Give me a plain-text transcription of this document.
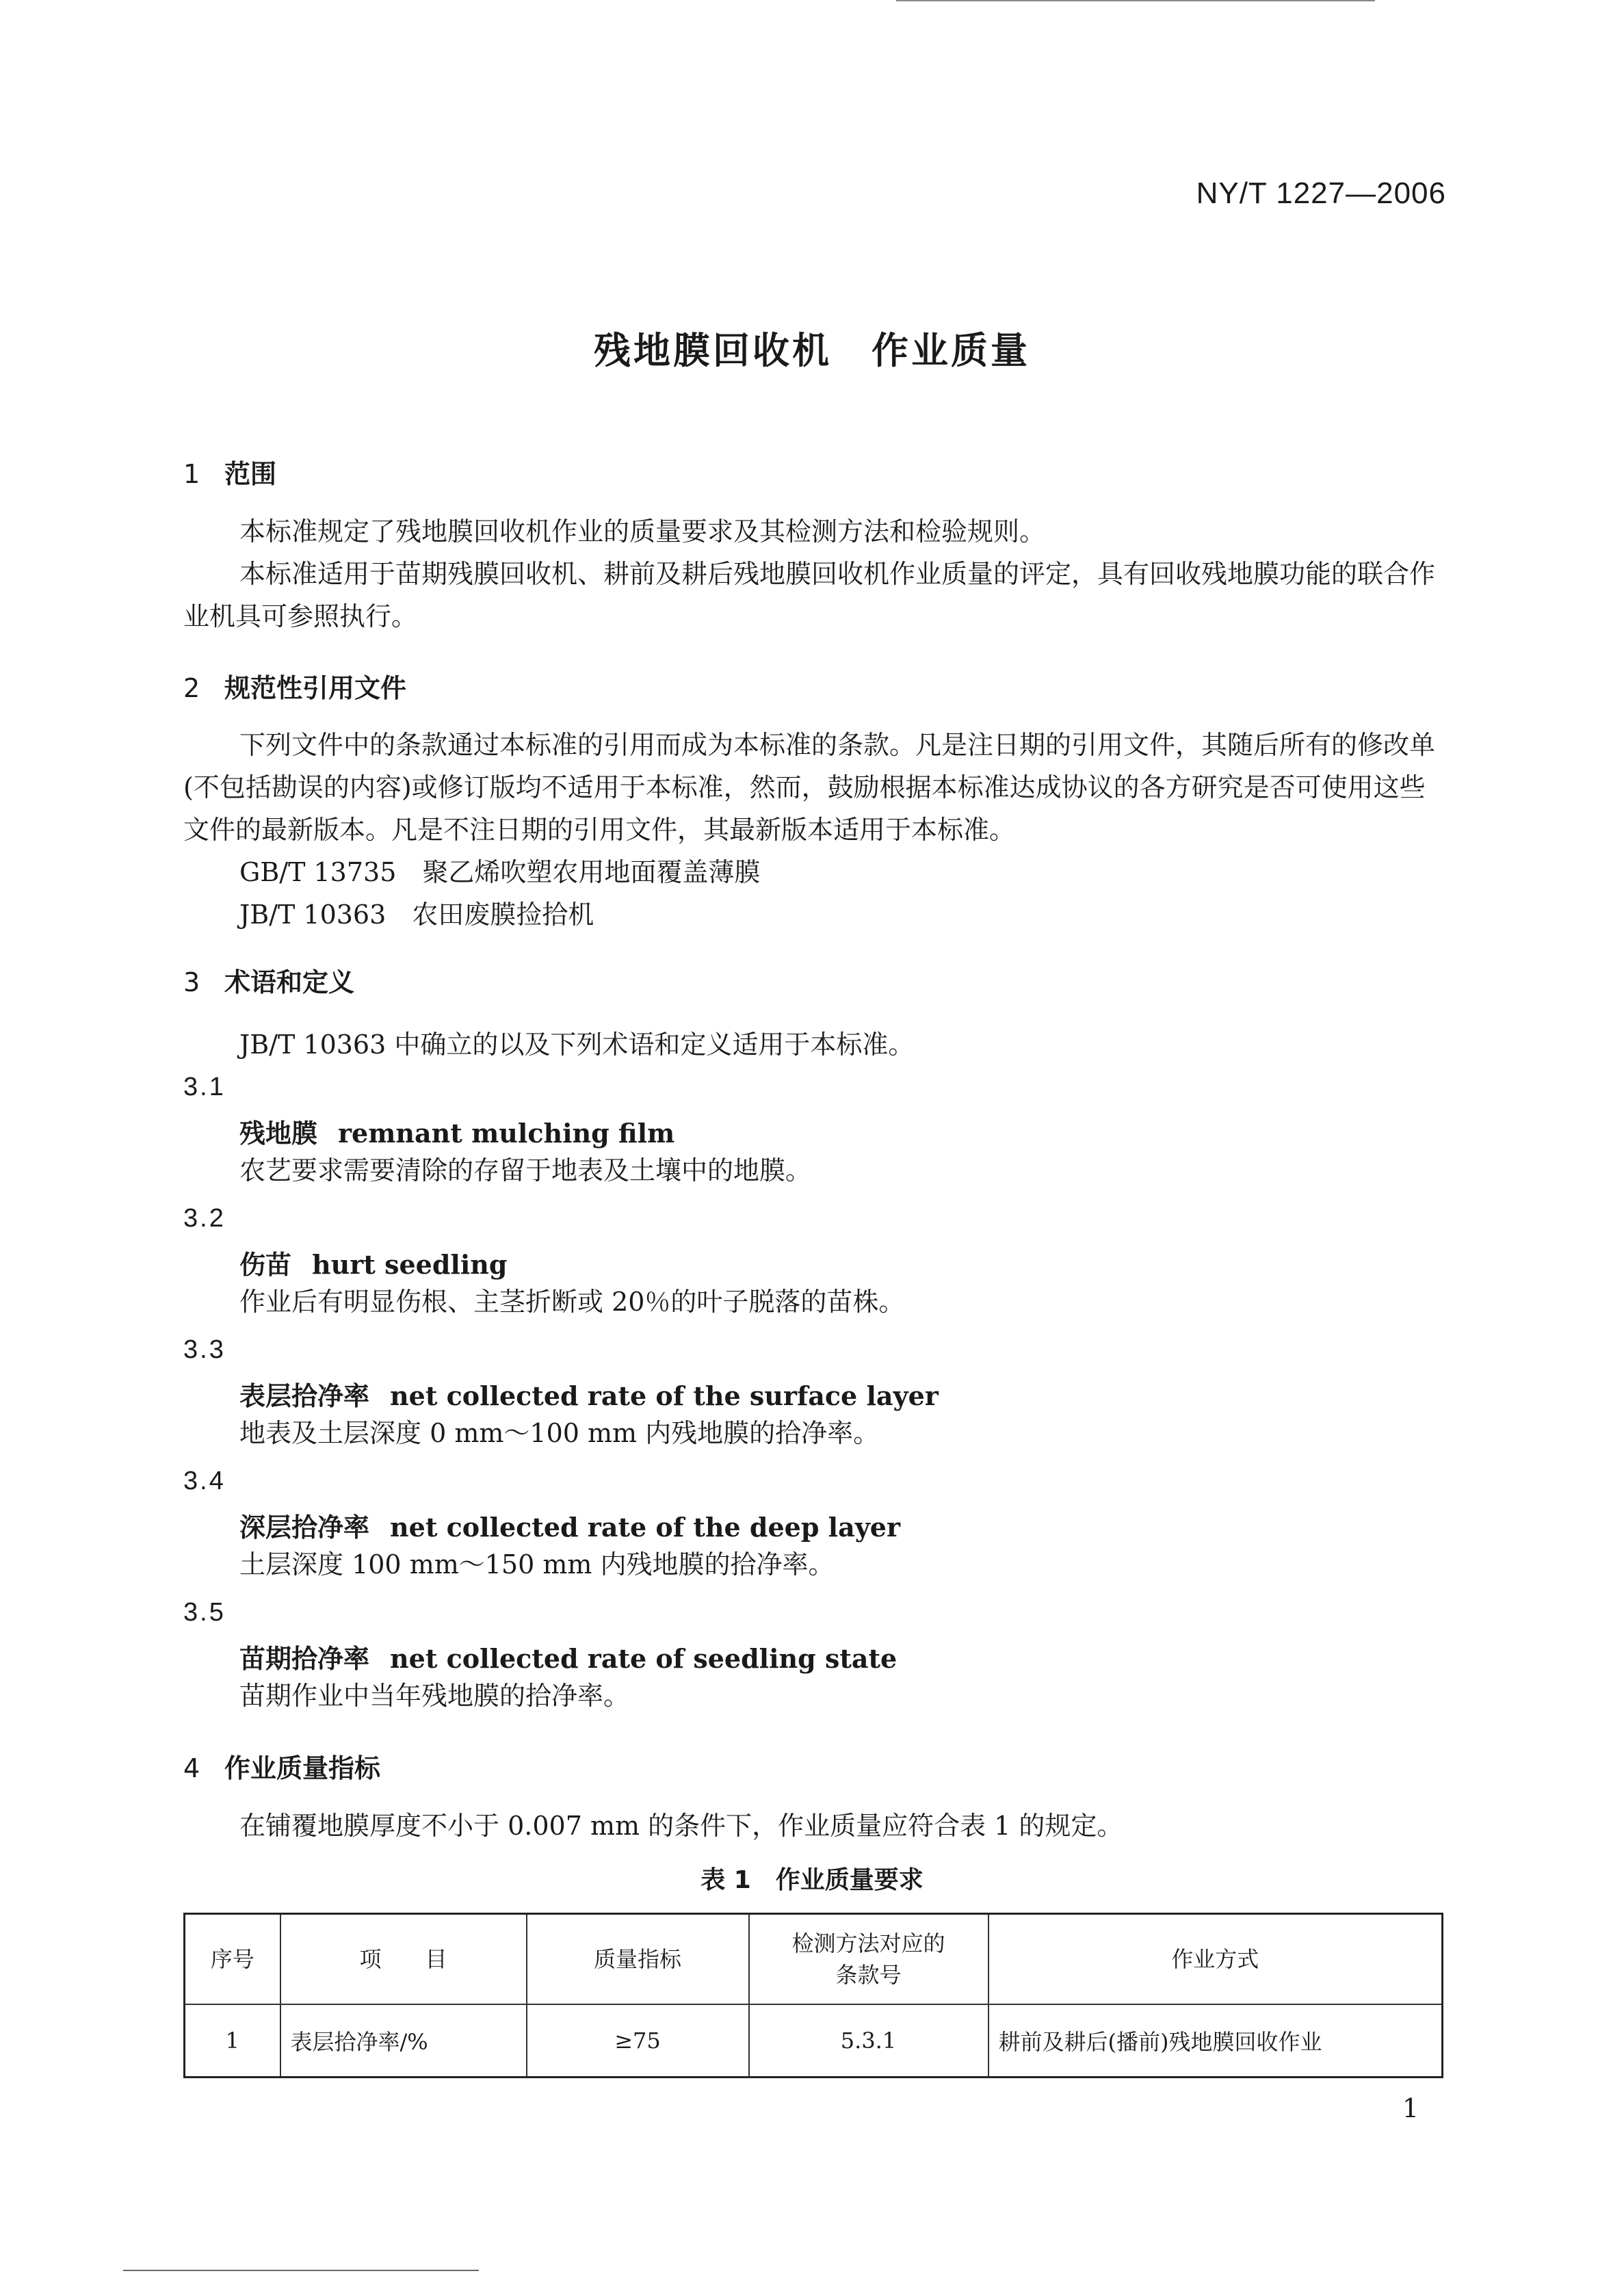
NY/T 1227—2006
残地膜回收机　作业质量
1 范围
本标准规定了残地膜回收机作业的质量要求及其检测方法和检验规则。
本标准适用于苗期残膜回收机、耕前及耕后残地膜回收机作业质量的评定，具有回收残地膜功能的联合作业机具可参照执行。
2 规范性引用文件
下列文件中的条款通过本标准的引用而成为本标准的条款。凡是注日期的引用文件，其随后所有的修改单(不包括勘误的内容)或修订版均不适用于本标准，然而，鼓励根据本标准达成协议的各方研究是否可使用这些文件的最新版本。凡是不注日期的引用文件，其最新版本适用于本标准。
GB/T 13735　聚乙烯吹塑农用地面覆盖薄膜
JB/T 10363　农田废膜捡拾机
3 术语和定义
JB/T 10363 中确立的以及下列术语和定义适用于本标准。
3.1
残地膜 remnant mulching film
农艺要求需要清除的存留于地表及土壤中的地膜。
3.2
伤苗 hurt seedling
作业后有明显伤根、主茎折断或 20％的叶子脱落的苗株。
3.3
表层拾净率 net collected rate of the surface layer
地表及土层深度 0 mm～100 mm 内残地膜的拾净率。
3.4
深层拾净率 net collected rate of the deep layer
土层深度 100 mm～150 mm 内残地膜的拾净率。
3.5
苗期拾净率 net collected rate of seedling state
苗期作业中当年残地膜的拾净率。
4 作业质量指标
在铺覆地膜厚度不小于 0.007 mm 的条件下，作业质量应符合表 1 的规定。
表 1　作业质量要求
序号	项　　目	质量指标	检测方法对应的条款号	作业方式
1	表层拾净率/%	≥75	5.3.1	耕前及耕后(播前)残地膜回收作业
1
